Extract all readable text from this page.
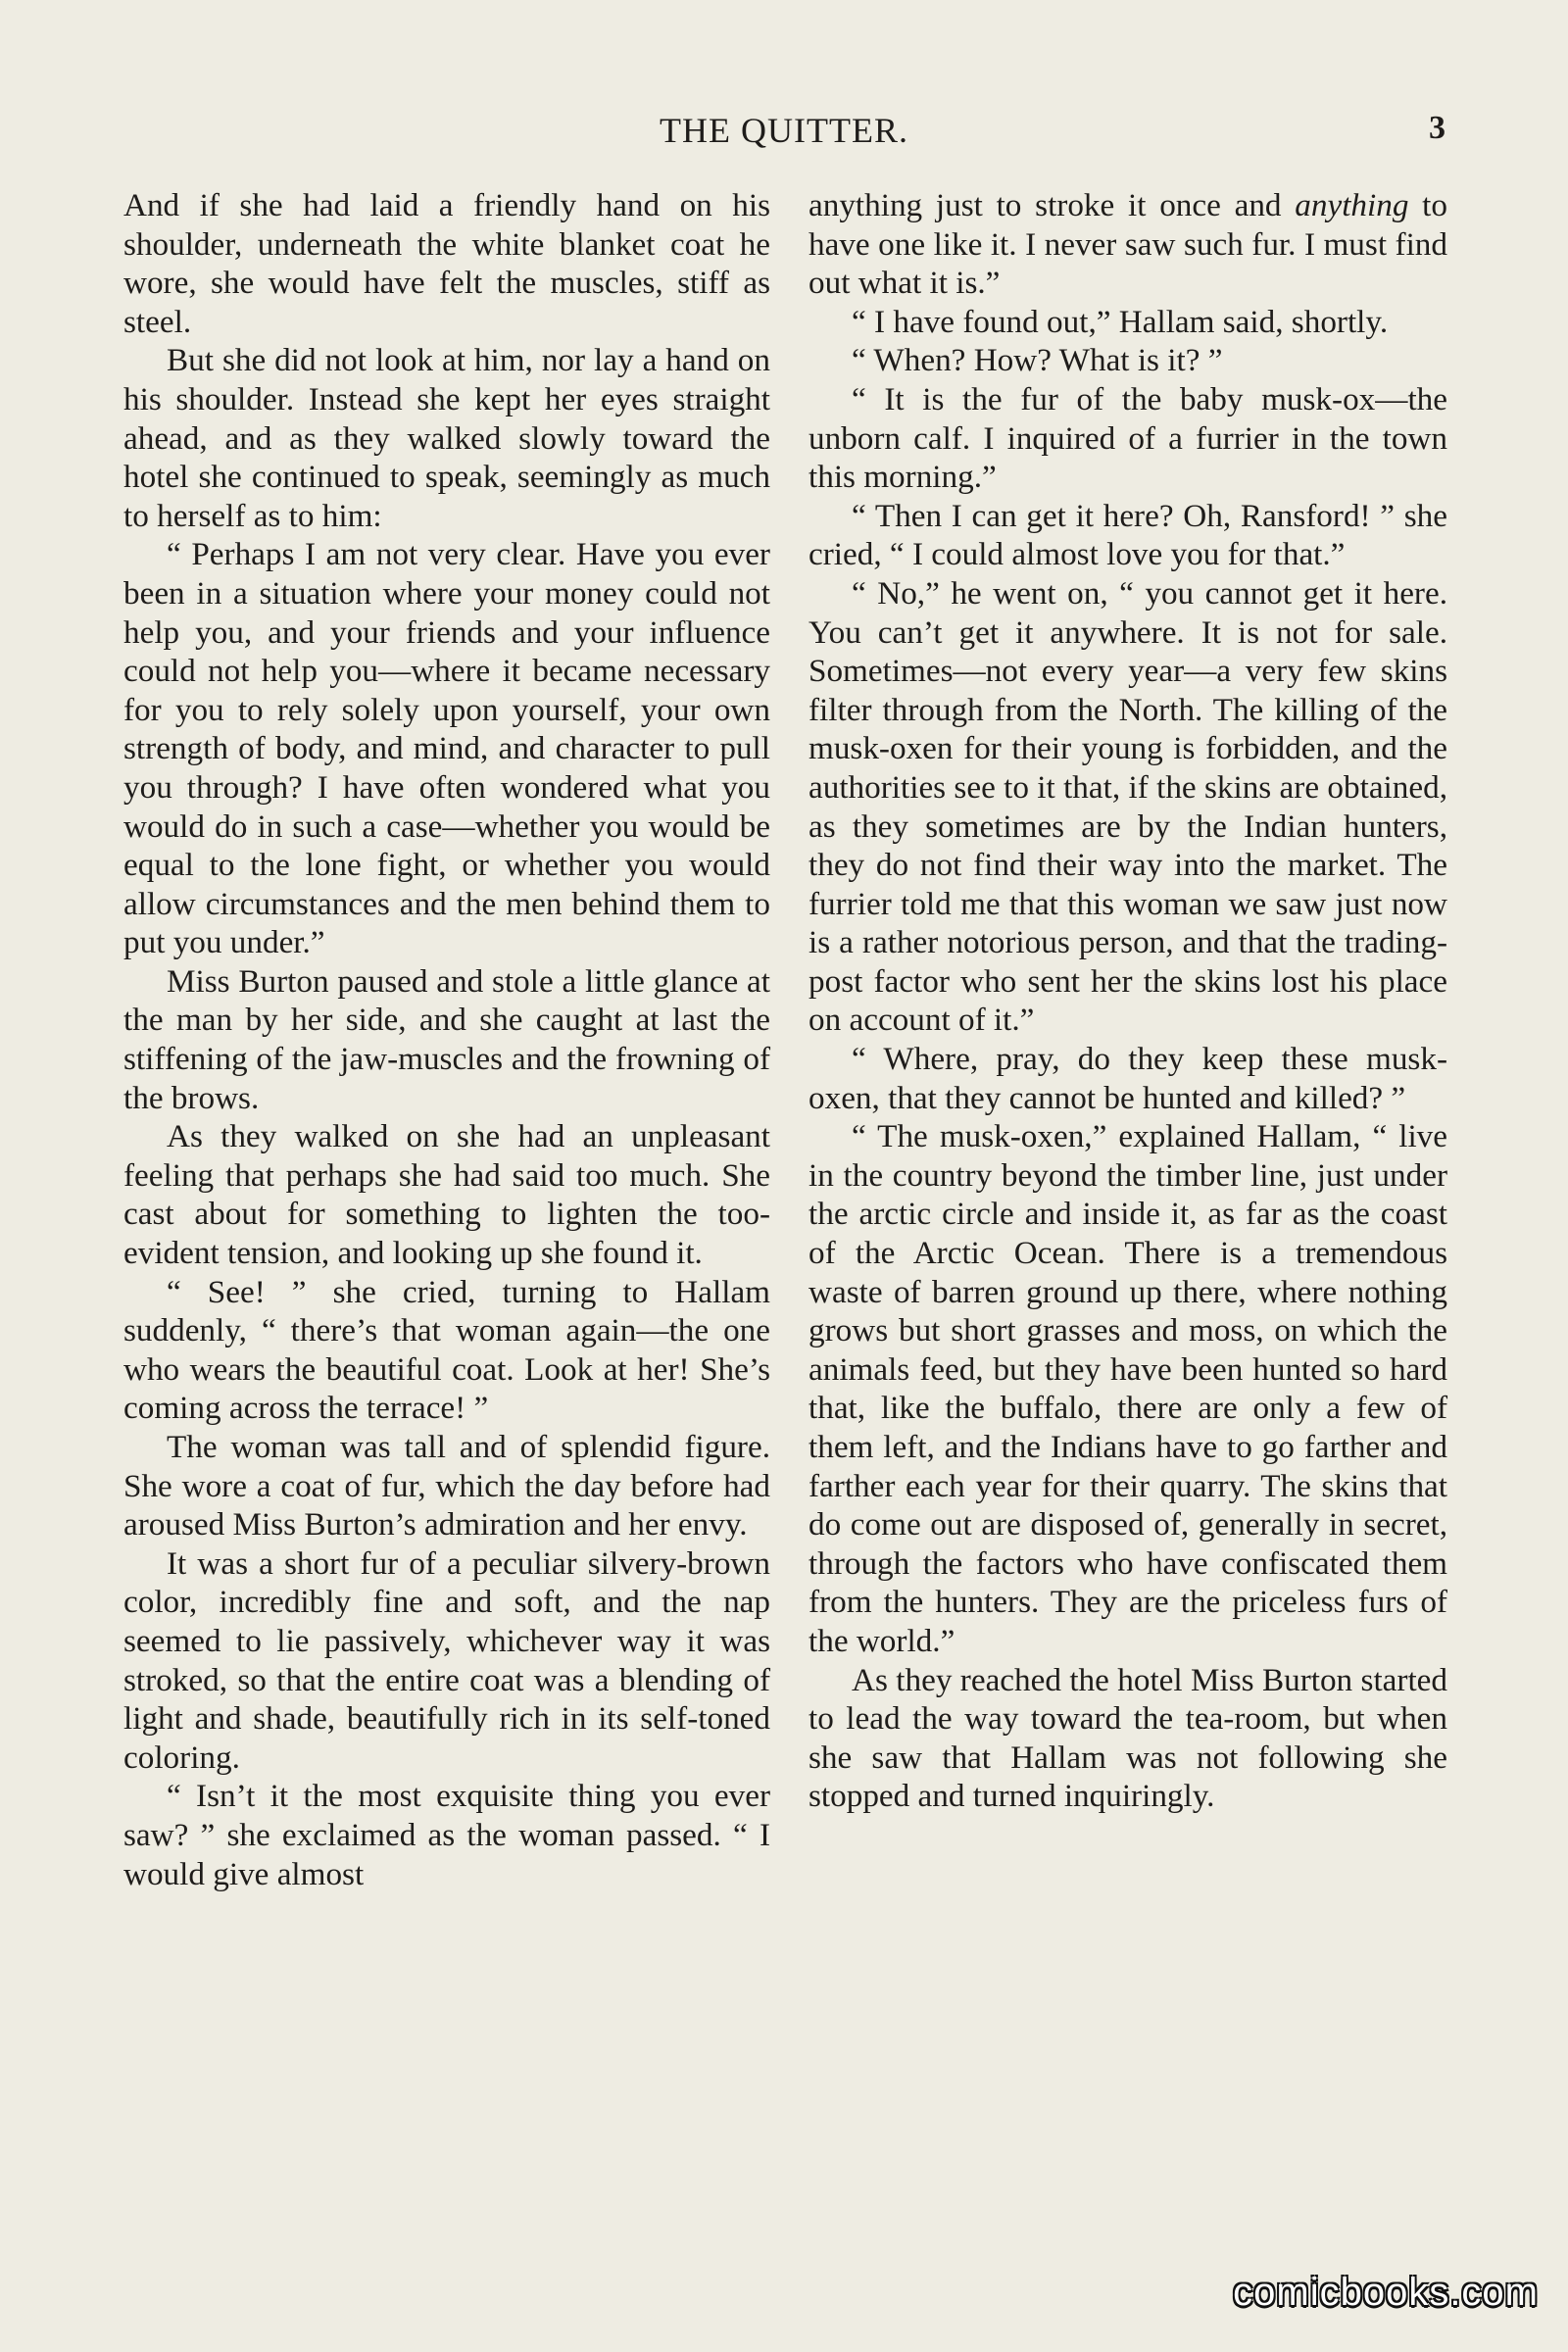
THE QUITTER.	3

And if she had laid a friendly hand on his shoulder, underneath the white blanket coat he wore, she would have felt the muscles, stiff as steel.

But she did not look at him, nor lay a hand on his shoulder. Instead she kept her eyes straight ahead, and as they walked slowly toward the hotel she continued to speak, seemingly as much to herself as to him:

“ Perhaps I am not very clear. Have you ever been in a situation where your money could not help you, and your friends and your influence could not help you—where it became necessary for you to rely solely upon yourself, your own strength of body, and mind, and character to pull you through? I have often wondered what you would do in such a case—whether you would be equal to the lone fight, or whether you would allow circumstances and the men behind them to put you under.”

Miss Burton paused and stole a little glance at the man by her side, and she caught at last the stiffening of the jaw-muscles and the frowning of the brows.

As they walked on she had an unpleasant feeling that perhaps she had said too much. She cast about for something to lighten the too-evident tension, and looking up she found it.

“ See! ” she cried, turning to Hallam suddenly, “ there’s that woman again—the one who wears the beautiful coat. Look at her! She’s coming across the terrace! ”

The woman was tall and of splendid figure. She wore a coat of fur, which the day before had aroused Miss Burton’s admiration and her envy.

It was a short fur of a peculiar silvery-brown color, incredibly fine and soft, and the nap seemed to lie passively, whichever way it was stroked, so that the entire coat was a blending of light and shade, beautifully rich in its self-toned coloring.

“ Isn’t it the most exquisite thing you ever saw? ” she exclaimed as the woman passed. “ I would give almost

anything just to stroke it once and anything to have one like it. I never saw such fur. I must find out what it is.”

“ I have found out,” Hallam said, shortly.

“ When? How? What is it? ”

“ It is the fur of the baby musk-ox—the unborn calf. I inquired of a furrier in the town this morning.”

“ Then I can get it here? Oh, Ransford! ” she cried, “ I could almost love you for that.”

“ No,” he went on, “ you cannot get it here. You can’t get it anywhere. It is not for sale. Sometimes—not every year—a very few skins filter through from the North. The killing of the musk-oxen for their young is forbidden, and the authorities see to it that, if the skins are obtained, as they sometimes are by the Indian hunters, they do not find their way into the market. The furrier told me that this woman we saw just now is a rather notorious person, and that the trading-post factor who sent her the skins lost his place on account of it.”

“ Where, pray, do they keep these musk-oxen, that they cannot be hunted and killed? ”

“ The musk-oxen,” explained Hallam, “ live in the country beyond the timber line, just under the arctic circle and inside it, as far as the coast of the Arctic Ocean. There is a tremendous waste of barren ground up there, where nothing grows but short grasses and moss, on which the animals feed, but they have been hunted so hard that, like the buffalo, there are only a few of them left, and the Indians have to go farther and farther each year for their quarry. The skins that do come out are disposed of, generally in secret, through the factors who have confiscated them from the hunters. They are the priceless furs of the world.”

As they reached the hotel Miss Burton started to lead the way toward the tea-room, but when she saw that Hallam was not following she stopped and turned inquiringly.

comicbooks.com
